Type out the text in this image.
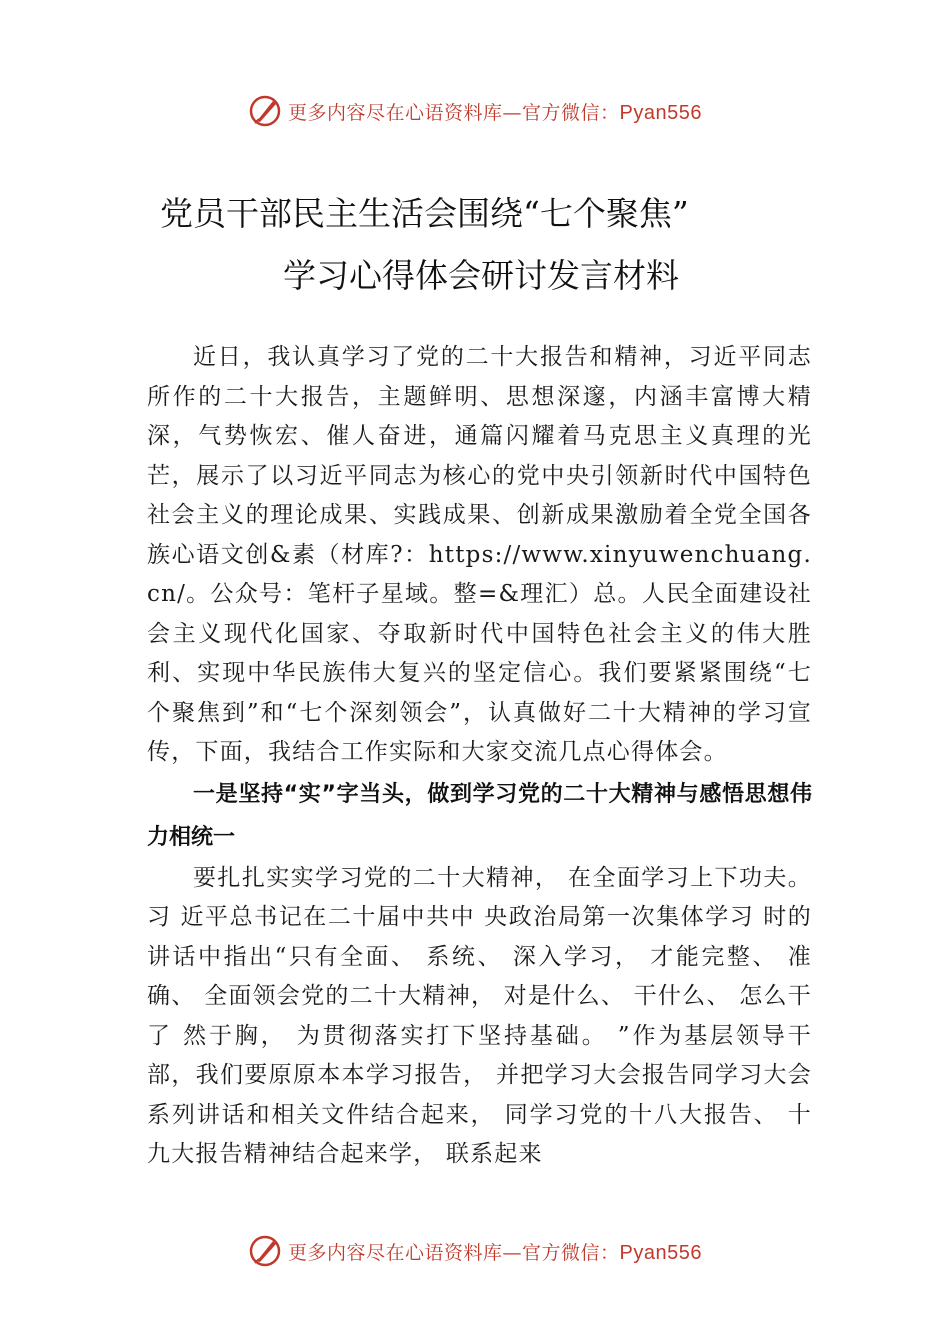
更多内容尽在心语资料库—官方微信：Pyan556
党员干部民主生活会围绕“七个聚焦”
学习心得体会研讨发言材料

近日，我认真学习了党的二十大报告和精神，习近平同志所作的二十大报告，主题鲜明、思想深邃，内涵丰富博大精深，气势恢宏、催人奋进，通篇闪耀着马克思主义真理的光芒，展示了以习近平同志为核心的党中央引领新时代中国特色社会主义的理论成果、实践成果、创新成果激励着全党全国各族心语文创&素（材库?：https://www.xinyuwenchuang.cn/。公众号：笔杆子星域。整=&理汇）总。人民全面建设社会主义现代化国家、夺取新时代中国特色社会主义的伟大胜利、实现中华民族伟大复兴的坚定信心。我们要紧紧围绕“七个聚焦到”和“七个深刻领会”，认真做好二十大精神的学习宣传，下面，我结合工作实际和大家交流几点心得体会。

一是坚持“实”字当头，做到学习党的二十大精神与感悟思想伟力相统一

要扎扎实实学习党的二十大精神， 在全面学习上下功夫。习 近平总书记在二十届中共中 央政治局第一次集体学习 时的讲话中指出“只有全面、 系统、 深入学习， 才能完整、 准确、 全面领会党的二十大精神， 对是什么、 干什么、 怎么干了 然于胸， 为贯彻落实打下坚持基础。 ”作为基层领导干部，我们要原原本本学习报告， 并把学习大会报告同学习大会系列讲话和相关文件结合起来， 同学习党的十八大报告、 十九大报告精神结合起来学， 联系起来

更多内容尽在心语资料库—官方微信：Pyan556
